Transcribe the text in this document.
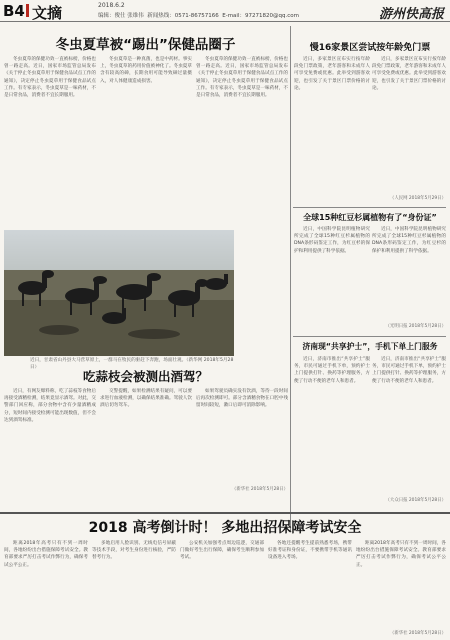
B4 文摘	2018.6.2
编辑：俊仕 张维伟 新闻热线：0571-86757166 E-mail：97271820@qq.com	游州快高报
冬虫夏草被“踢出”保健品圈子

冬虫夏草的保健功效一直被标榜，价格也曾一路走高。近日，国家市场监管总局发布《关于停止冬虫夏草用于保健食品试点工作的通知》，决定停止冬虫夏草用于保健食品试点工作。有专家表示，冬虫夏草是一味药材，不是日常食品，消费者不宜长期服用。

冬虫夏草是一种真菌，也是中药材。事实上，冬虫夏草的药用价值被神化了。冬虫夏草含有较高的砷，长期食用可能导致砷过量摄入，对人体健康造成损害。

冬虫夏草的保健功效一直被标榜，价格也曾一路走高。近日，国家市场监管总局发布《关于停止冬虫夏草用于保健食品试点工作的通知》，决定停止冬虫夏草用于保健食品试点工作。有专家表示，冬虫夏草是一味药材，不是日常食品，消费者不宜长期服用。

近日，甘肃省山丹县大马营草原上，一群马在牧民的驱赶下奔跑，场面壮观。（新华网 2018年5月28日）
吃蒜枝会被测出酒驾？

近日，有网友爆料称，吃了蒜枝等食物后再接受酒精检测，结果竟显示酒驾。对此，交警部门回应称，部分食物中含有少量酒精成分，短时间内接受检测可能出现数值，但不会达到酒驾标准。

交警提醒，如果检测结果有疑问，可以要求进行血液检测，以确保结果准确。驾驶人饮酒后切勿驾车。

如果驾驶员确实没有饮酒，等待一段时间后再次检测即可。部分含酒精食物在口腔中残留时间较短，漱口后即可消除影响。

（新华社 2018年5月28日）
慢16家景区尝试按年龄免门票

近日，多家景区宣布实行按年龄段免门票政策，老年游客和未成年人可享受免费或优惠。此举受到游客欢迎，也引发了关于景区门票价格的讨论。

近日，多家景区宣布实行按年龄段免门票政策，老年游客和未成年人可享受免费或优惠。此举受到游客欢迎，也引发了关于景区门票价格的讨论。

（人民网 2018年5月29日）
全球15种红豆杉属植物有了“身份证”

近日，中国科学院昆明植物研究所完成了全球15种红豆杉属植物的DNA条形码鉴定工作，为红豆杉的保护和利用提供了科学依据。

近日，中国科学院昆明植物研究所完成了全球15种红豆杉属植物的DNA条形码鉴定工作，为红豆杉的保护和利用提供了科学依据。

（光明日报 2018年5月28日）
济南现“共享护士”，手机下单上门服务

近日，济南市推出“共享护士”服务，市民可通过手机下单，预约护士上门提供打针、换药等护理服务，方便了行动不便的老年人和患者。

近日，济南市推出“共享护士”服务，市民可通过手机下单，预约护士上门提供打针、换药等护理服务，方便了行动不便的老年人和患者。

（大众日报 2018年5月28日）
2018 高考倒计时！ 多地出招保障考试安全

距离2018年高考只有不到一周时间，各地纷纷出台措施保障考试安全。教育部要求严厉打击考试作弊行为，确保考试公平公正。

多地启用人脸识别、无线电信号屏蔽等技术手段，对考生身份进行核验，严防替考行为。

公安机关加强考点周边巡逻，交通部门做好考生出行保障，确保考生顺利参加考试。

各地还提醒考生提前熟悉考场，携带好准考证和身份证，不要携带手机等通讯设备进入考场。

距离2018年高考只有不到一周时间，各地纷纷出台措施保障考试安全。教育部要求严厉打击考试作弊行为，确保考试公平公正。

（新华社 2018年5月28日）
